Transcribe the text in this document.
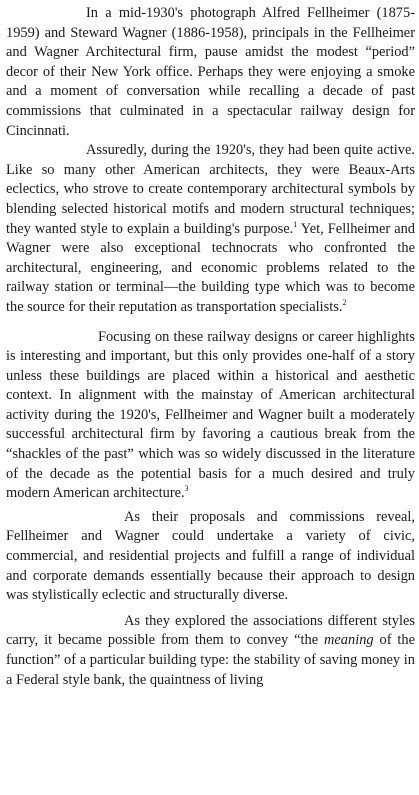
In a mid-1930's photograph Alfred Fellheimer (1875-1959) and Steward Wagner (1886-1958), principals in the Fellheimer and Wagner Architectural firm, pause amidst the modest “period” decor of their New York office. Perhaps they were enjoying a smoke and a moment of conversation while recalling a decade of past commissions that culminated in a spectacular railway design for Cincinnati.

Assuredly, during the 1920's, they had been quite active. Like so many other American architects, they were Beaux-Arts eclectics, who strove to create contemporary architectural symbols by blending selected historical motifs and modern structural techniques; they wanted style to explain a building's purpose.$^1$ Yet, Fellheimer and Wagner were also exceptional technocrats who confronted the architectural, engineering, and economic problems related to the railway station or terminal—the building type which was to become the source for their reputation as transportation specialists.$^2$

Focusing on these railway designs or career highlights is interesting and important, but this only provides one-half of a story unless these buildings are placed within a historical and aesthetic context. In alignment with the mainstay of American architectural activity during the 1920's, Fellheimer and Wagner built a moderately successful architectural firm by favoring a cautious break from the “shackles of the past” which was so widely discussed in the literature of the decade as the potential basis for a much desired and truly modern American architecture.$^3$

As their proposals and commissions reveal, Fellheimer and Wagner could undertake a variety of civic, commercial, and residential projects and fulfill a range of individual and corporate demands essentially because their approach to design was stylistically eclectic and structurally diverse.

As they explored the associations different styles carry, it became possible from them to convey “the meaning of the function” of a particular building type: the stability of saving money in a Federal style bank, the quaintness of living
